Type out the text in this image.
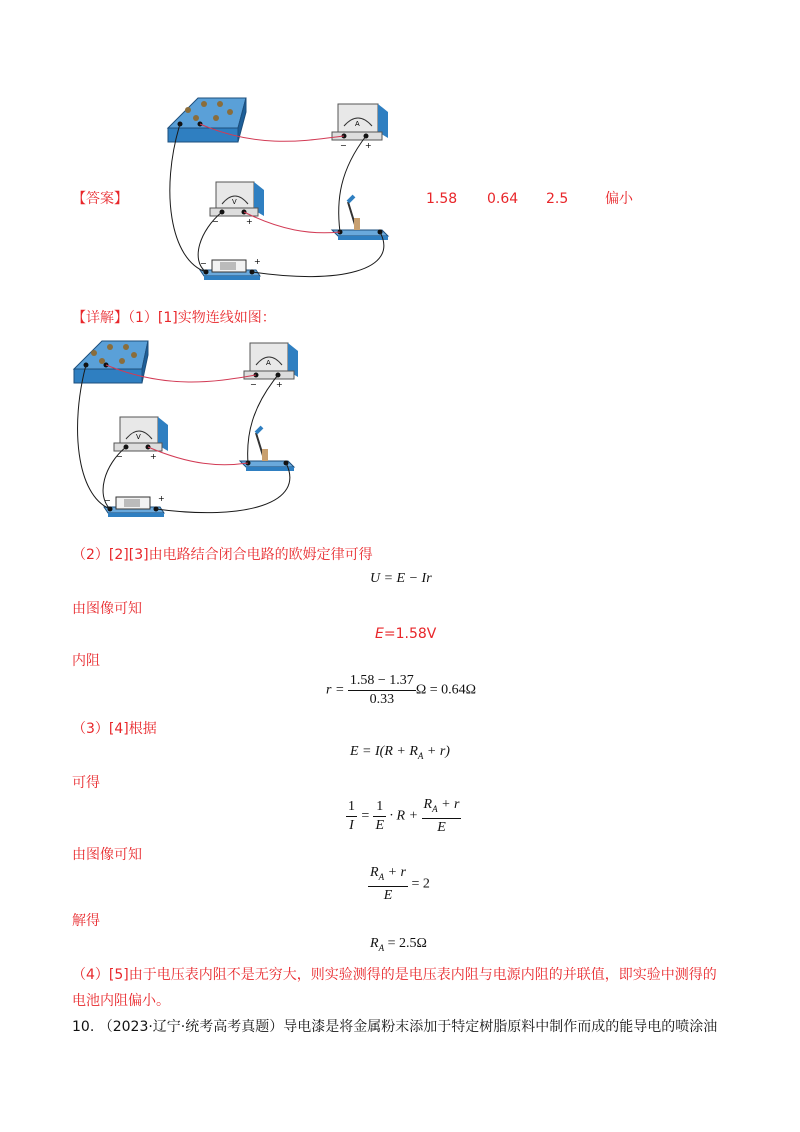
A
− +
V
−	+
−	+
【答案】	1.58 0.64 2.5	偏小
【详解】（1）[1]实物连线如图：
A
− +
V
−	+
−	+
（2）[2][3]由电路结合闭合电路的欧姆定律可得
U = E − Ir
由图像可知
E=1.58V
内阻
$r = \frac{1.58 - 1.37}{0.33}$ Ω = 0.64Ω
（3）[4]根据
$E = I(R + R_A + r)$
可得
$\frac{1}{I} = \frac{1}{E} \cdot R + \frac{R_A + r}{E}$
由图像可知
$\frac{R_A + r}{E} = 2$
解得
$R_A = 2.5\Omega$
（4）[5]由于电压表内阻不是无穷大，则实验测得的是电压表内阻与电源内阻的并联值，即实验中测得的
电池内阻偏小。
10. （2023·辽宁·统考高考真题）导电漆是将金属粉末添加于特定树脂原料中制作而成的能导电的喷涂油
